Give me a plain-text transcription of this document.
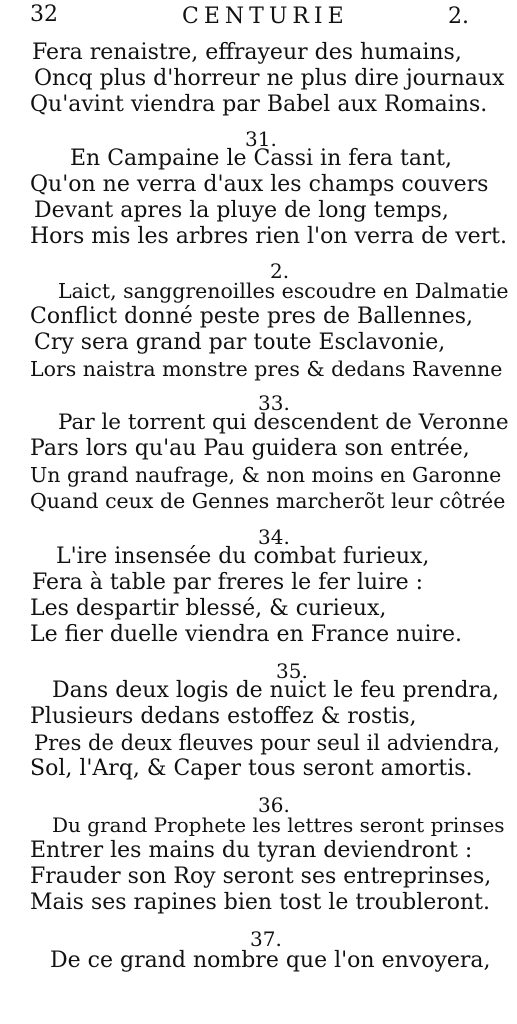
32	CENTURIE	2.
Fera renaistre, effrayeur des humains,
Oncq plus d'horreur ne plus dire journaux
Qu'avint viendra par Babel aux Romains.
31.
En Campaine le Cassi in fera tant,
Qu'on ne verra d'aux les champs couvers
Devant apres la pluye de long temps,
Hors mis les arbres rien l'on verra de vert.
2.
Laict, sanggrenoilles escoudre en Dalmatie
Conflict donné peste pres de Ballennes,
Cry sera grand par toute Esclavonie,
Lors naistra monstre pres & dedans Ravenne
33.
Par le torrent qui descendent de Veronne
Pars lors qu'au Pau guidera son entrée,
Un grand naufrage, & non moins en Garonne
Quand ceux de Gennes marcherõt leur côtrée
34.
L'ire insensée du combat furieux,
Fera à table par freres le fer luire :
Les despartir blessé, & curieux,
Le fier duelle viendra en France nuire.
35.
Dans deux logis de nuict le feu prendra,
Plusieurs dedans estoffez & rostis,
Pres de deux fleuves pour seul il adviendra,
Sol, l'Arq, & Caper tous seront amortis.
36.
Du grand Prophete les lettres seront prinses
Entrer les mains du tyran deviendront :
Frauder son Roy seront ses entreprinses,
Mais ses rapines bien tost le troubleront.
37.
De ce grand nombre que l'on envoyera,
